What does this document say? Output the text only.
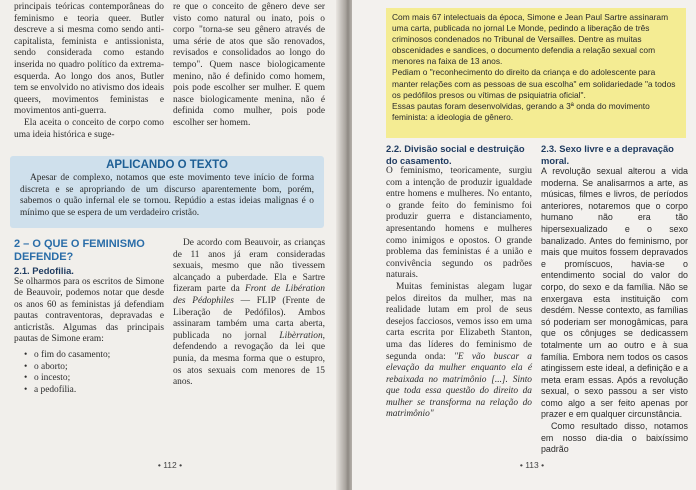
principais teóricas contemporâneas do feminismo e teoria queer. Butler descreve a si mesma como sendo anti-capitalista, feminista e antissionista, sendo considerada como estando inserida no quadro político da extrema-esquerda. Ao longo dos anos, Butler tem se envolvido no ativismo dos ideais queers, movimentos feministas e movimentos anti-guerra.

Ela aceita o conceito de corpo como uma ideia histórica e suge-

re que o conceito de gênero deve ser visto como natural ou inato, pois o corpo "torna-se seu gênero através de uma série de atos que são renovados, revisados e consolidados ao longo do tempo". Quem nasce biologicamente menino, não é definido como homem, pois pode escolher ser mulher. E quem nasce biologicamente menina, não é definida como mulher, pois pode escolher ser homem.

APLICANDO O TEXTO

Apesar de complexo, notamos que este movimento teve início de forma discreta e se apropriando de um discurso aparentemente bom, porém, sabemos o quão infernal ele se tornou. Repúdio a estas ideias malignas é o mínimo que se espera de um verdadeiro cristão.

2 – O QUE O FEMINISMO DEFENDE?

2.1. Pedofilia.

Se olharmos para os escritos de Simone de Beauvoir, podemos notar que desde os anos 60 as feministas já defendiam pautas contraventoras, depravadas e anticristãs. Algumas das principais pautas de Simone eram:

• o fim do casamento;
• o aborto;
• o incesto;
• a pedofilia.

De acordo com Beauvoir, as crianças de 11 anos já eram consideradas sexuais, mesmo que não tivessem alcançado a puberdade. Ela e Sartre fizeram parte da Front de Libération des Pédophiles — FLIP (Frente de Liberação de Pedófilos). Ambos assinaram também uma carta aberta, publicada no jornal Libèrration, defendendo a revogação da lei que punia, da mesma forma que o estupro, os atos sexuais com menores de 15 anos.

• 112 •

Com mais 67 intelectuais da época, Simone e Jean Paul Sartre assinaram uma carta, publicada no jornal Le Monde, pedindo a liberação de três criminosos condenados no Tribunal de Versailles. Dentre as muitas obscenidades e sandices, o documento defendia a relação sexual com menores na faixa de 13 anos.

Pediam o "reconhecimento do direito da criança e do adolescente para manter relações com as pessoas de sua escolha" em solidariedade "a todos os pedófilos presos ou vítimas de psiquiatria oficial".

Essas pautas foram desenvolvidas, gerando a 3ª onda do movimento feminista: a ideologia de gênero.

2.2. Divisão social e destruição do casamento.

O feminismo, teoricamente, surgiu com a intenção de produzir igualdade entre homens e mulheres. No entanto, o grande feito do feminismo foi produzir guerra e distanciamento, apresentando homens e mulheres como inimigos e opostos. O grande problema das feministas é a união e convivência segundo os padrões naturais.

Muitas feministas alegam lugar pelos direitos da mulher, mas na realidade lutam em prol de seus desejos facciosos, vemos isso em uma carta escrita por Elizabeth Stanton, uma das líderes do feminismo de segunda onda: "E vão buscar a elevação da mulher enquanto ela é rebaixada no matrimônio [...]. Sinto que toda essa questão do direito da mulher se transforma na relação do matrimônio"

2.3. Sexo livre e a depravação moral.

A revolução sexual alterou a vida moderna. Se analisarmos a arte, as músicas, filmes e livros, de períodos anteriores, notaremos que o corpo humano não era tão hipersexualizado e o sexo banalizado. Antes do feminismo, por mais que muitos fossem depravados e promíscuos, havia-se o entendimento social do valor do corpo, do sexo e da família. Não se enxergava esta instituição com desdém. Nesse contexto, as famílias só poderiam ser monogâmicas, para que os cônjuges se dedicassem totalmente um ao outro e à sua família. Embora nem todos os casos atingissem este ideal, a definição e a meta eram essas. Após a revolução sexual, o sexo passou a ser visto como algo a ser feito apenas por prazer e em qualquer circunstância.

Como resultado disso, notamos em nosso dia-dia o baixíssimo padrão

• 113 •
